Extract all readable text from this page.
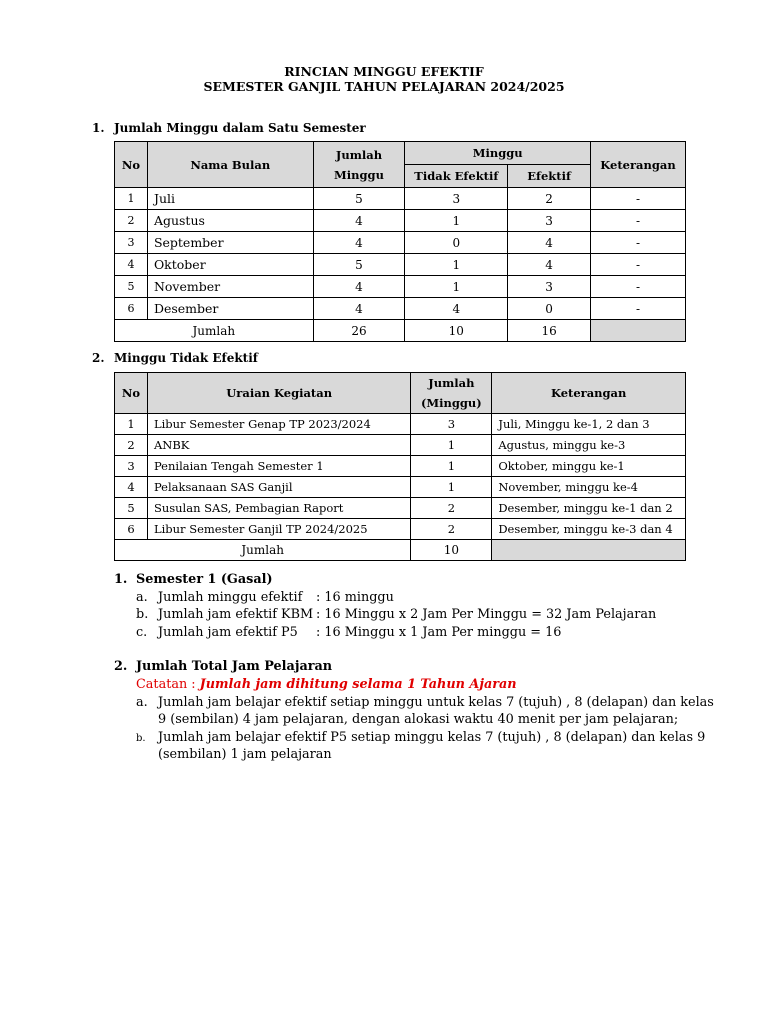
RINCIAN MINGGU EFEKTIF
SEMESTER GANJIL TAHUN PELAJARAN 2024/2025
1. Jumlah Minggu dalam Satu Semester
No	Nama Bulan	Jumlah Minggu	Minggu		Keterangan
			Tidak Efektif	Efektif	
1	Juli	5	3	2	-
2	Agustus	4	1	3	-
3	September	4	0	4	-
4	Oktober	5	1	4	-
5	November	4	1	3	-
6	Desember	4	4	0	-
Jumlah		26	10	16	
2. Minggu Tidak Efektif
No	Uraian Kegiatan	Jumlah (Minggu)	Keterangan
1	Libur Semester Genap TP 2023/2024	3	Juli, Minggu ke-1, 2 dan 3
2	ANBK	1	Agustus, minggu ke-3
3	Penilaian Tengah Semester 1	1	Oktober, minggu ke-1
4	Pelaksanaan SAS Ganjil	1	November, minggu ke-4
5	Susulan SAS, Pembagian Raport	2	Desember, minggu ke-1 dan 2
6	Libur Semester Ganjil TP 2024/2025	2	Desember, minggu ke-3 dan 4
Jumlah		10	
1. Semester 1 (Gasal)
a. Jumlah minggu efektif : 16 minggu
b. Jumlah jam efektif KBM : 16 Minggu x 2 Jam Per Minggu = 32 Jam Pelajaran
c. Jumlah jam efektif P5 : 16 Minggu x 1 Jam Per minggu = 16
2. Jumlah Total Jam Pelajaran
Catatan : Jumlah jam dihitung selama 1 Tahun Ajaran
a. Jumlah jam belajar efektif setiap minggu untuk kelas 7 (tujuh) , 8 (delapan) dan kelas
9 (sembilan) 4 jam pelajaran, dengan alokasi waktu 40 menit per jam pelajaran;
b. Jumlah jam belajar efektif P5 setiap minggu kelas 7 (tujuh) , 8 (delapan) dan kelas 9
(sembilan) 1 jam pelajaran
